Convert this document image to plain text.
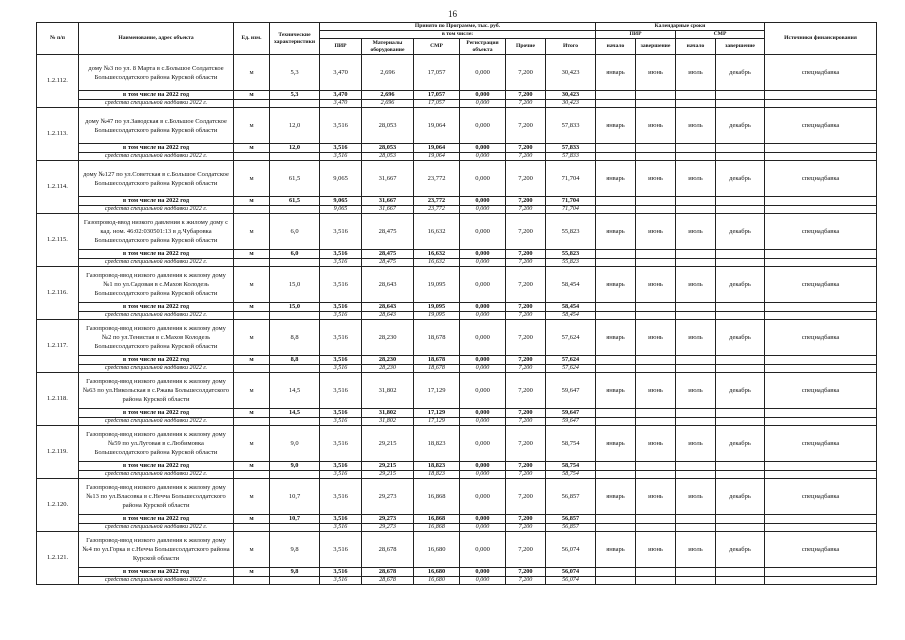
16
№ п/п	Наименование, адрес объекта	Ед. изм.	Технические характеристики	Принято по Программе, тыс. руб.						Календарные сроки				Источники финансирования
				в том числе:						ПИР		СМР		
				ПИР	Материалы оборудование	СМР	Регистрация объекта	Прочие	Итого	начало	завершение	начало	завершение	
1.2.112.	дому №3 по ул. 8 Марта в с.Большое Солдатское Большесолдатского района Курской области	м	5,3	3,470	2,696	17,057	0,000	7,200	30,423	январь	июнь	июль	декабрь	спецнадбавка
	в том числе на 2022 год	м	5,3	3,470	2,696	17,057	0,000	7,200	30,423					
	средства специальной надбавки 2022 г.			3,470	2,696	17,057	0,000	7,200	30,423					
1.2.113.	дому №47 по ул.Заводская в с.Большое Солдатское Большесолдатского района Курской области	м	12,0	3,516	28,053	19,064	0,000	7,200	57,833	январь	июнь	июль	декабрь	спецнадбавка
	в том числе на 2022 год	м	12,0	3,516	28,053	19,064	0,000	7,200	57,833					
	средства специальной надбавки 2022 г.			3,516	28,053	19,064	0,000	7,200	57,833					
1.2.114.	дому №127 по ул.Советская в с.Большое Солдатское Большесолдатского района Курской области	м	61,5	9,065	31,667	23,772	0,000	7,200	71,704	январь	июнь	июль	декабрь	спецнадбавка
	в том числе на 2022 год	м	61,5	9,065	31,667	23,772	0,000	7,200	71,704					
	средства специальной надбавки 2022 г.			9,065	31,667	23,772	0,000	7,200	71,704					
1.2.115.	Газопровод-ввод низкого давления к жилому дому с кад. ном. 46:02:030501:13 в д.Чубаровка Большесолдатского района Курской области	м	6,0	3,516	28,475	16,632	0,000	7,200	55,823	январь	июнь	июль	декабрь	спецнадбавка
	в том числе на 2022 год	м	6,0	3,516	28,475	16,632	0,000	7,200	55,823					
	средства специальной надбавки 2022 г.			3,516	28,475	16,632	0,000	7,200	55,823					
1.2.116.	Газопровод-ввод низкого давления к жилому дому №1 по ул.Садовая в с.Махов Колодезь Большесолдатского района Курской области	м	15,0	3,516	28,643	19,095	0,000	7,200	58,454	январь	июнь	июль	декабрь	спецнадбавка
	в том числе на 2022 год	м	15,0	3,516	28,643	19,095	0,000	7,200	58,454					
	средства специальной надбавки 2022 г.			3,516	28,643	19,095	0,000	7,200	58,454					
1.2.117.	Газопровод-ввод низкого давления к жилому дому №2 по ул.Тенистая в с.Махов Колодезь Большесолдатского района Курской области	м	8,8	3,516	28,230	18,678	0,000	7,200	57,624	январь	июнь	июль	декабрь	спецнадбавка
	в том числе на 2022 год	м	8,8	3,516	28,230	18,678	0,000	7,200	57,624					
	средства специальной надбавки 2022 г.			3,516	28,230	18,678	0,000	7,200	57,624					
1.2.118.	Газопровод-ввод низкого давления к жилому дому №63 по ул.Никольская в с.Ржава Большесолдатского района Курской области	м	14,5	3,516	31,802	17,129	0,000	7,200	59,647	январь	июнь	июль	декабрь	спецнадбавка
	в том числе на 2022 год	м	14,5	3,516	31,802	17,129	0,000	7,200	59,647					
	средства специальной надбавки 2022 г.			3,516	31,802	17,129	0,000	7,200	59,647					
1.2.119.	Газопровод-ввод низкого давления к жилому дому №59 по ул.Луговая в с.Любимовка Большесолдатского района Курской области	м	9,0	3,516	29,215	18,823	0,000	7,200	58,754	январь	июнь	июль	декабрь	спецнадбавка
	в том числе на 2022 год	м	9,0	3,516	29,215	18,823	0,000	7,200	58,754					
	средства специальной надбавки 2022 г.			3,516	29,215	18,823	0,000	7,200	58,754					
1.2.120.	Газопровод-ввод низкого давления к жилому дому №13 по ул.Власовка в с.Нечча Большесолдатского района Курской области	м	10,7	3,516	29,273	16,868	0,000	7,200	56,857	январь	июнь	июль	декабрь	спецнадбавка
	в том числе на 2022 год	м	10,7	3,516	29,273	16,868	0,000	7,200	56,857					
	средства специальной надбавки 2022 г.			3,516	29,273	16,868	0,000	7,200	56,857					
1.2.121.	Газопровод-ввод низкого давления к жилому дому №4 по ул.Горка в с.Нечча Большесолдатского района Курской области	м	9,8	3,516	28,678	16,680	0,000	7,200	56,074	январь	июнь	июль	декабрь	спецнадбавка
	в том числе на 2022 год	м	9,8	3,516	28,678	16,680	0,000	7,200	56,074					
	средства специальной надбавки 2022 г.			3,516	28,678	16,680	0,000	7,200	56,074					
